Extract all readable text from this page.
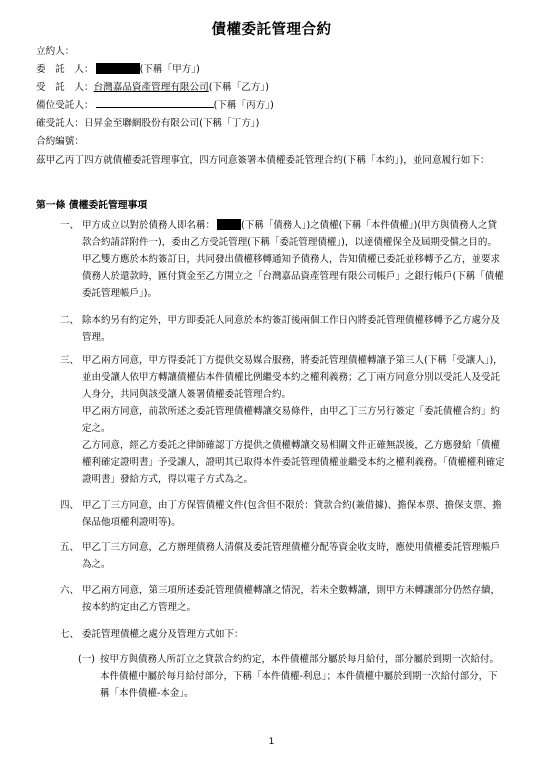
債權委託管理合約
立約人：
委　託　人：	(下稱「甲方」)
受　託　人：台灣嘉品資產管理有限公司(下稱「乙方」)
備位受託人：	(下稱「丙方」)
確受託人：日昇金至聯網股份有限公司(下稱「丁方」)
合約編號：
茲甲乙丙丁四方就債權委託管理事宜，四方同意簽署本債權委託管理合約(下稱「本約」)，並同意履行如下：
第一條 債權委託管理事項
一、 甲方成立以對於債務人即名稱：	(下稱「債務人」)之債權(下稱「本件債權」)(甲方與債務人之貸款合約請詳附件一)，委由乙方受託管理(下稱「委託管理債權」)，以達債權保全及屆期受償之目的。甲乙雙方應於本約簽訂日，共同發出債權移轉通知予債務人，告知債權已委託並移轉予乙方，並要求債務人於還款時，匯付貸金至乙方開立之「台灣嘉品資產管理有限公司帳戶」之銀行帳戶(下稱「債權委託管理帳戶」)。
二、 除本約另有約定外，甲方即委託人同意於本約簽訂後兩個工作日內將委託管理債權移轉予乙方處分及管理。
三、 甲乙兩方同意，甲方得委託丁方提供交易媒合服務，將委託管理債權轉讓予第三人(下稱「受讓人」)，並由受讓人依甲方轉讓債權佔本件債權比例繼受本約之權利義務；乙丁兩方同意分別以受託人及受託人身分，共同與該受讓人簽署債權委託管理合約。
甲乙兩方同意，前款所述之委託管理債權轉讓交易條件，由甲乙丁三方另行簽定「委託債權合約」約定之。
乙方同意，經乙方委託之律師確認丁方提供之債權轉讓交易相關文件正確無誤後，乙方應發給「債權權利確定證明書」予受讓人，證明其已取得本件委託管理債權並繼受本約之權利義務。「債權權利確定證明書」發給方式，得以電子方式為之。
四、 甲乙丁三方同意，由丁方保管債權文件(包含但不限於：貸款合約(兼借據)、擔保本票、擔保支票、擔保品他項權利證明等)。
五、 甲乙丁三方同意，乙方辦理債務人清償及委託管理債權分配等資金收支時，應使用債權委託管理帳戶為之。
六、 甲乙兩方同意，第三項所述委託管理債權轉讓之情況，若未全數轉讓，則甲方未轉讓部分仍然存續，按本約約定由乙方管理之。
七、 委託管理債權之處分及管理方式如下：
(一) 按甲方與債務人所訂立之貸款合約約定，本件債權部分屬於每月給付，部分屬於到期一次給付。本件債權中屬於每月給付部分，下稱「本件債權-利息」；本件債權中屬於到期一次給付部分，下稱「本件債權-本金」。
1
